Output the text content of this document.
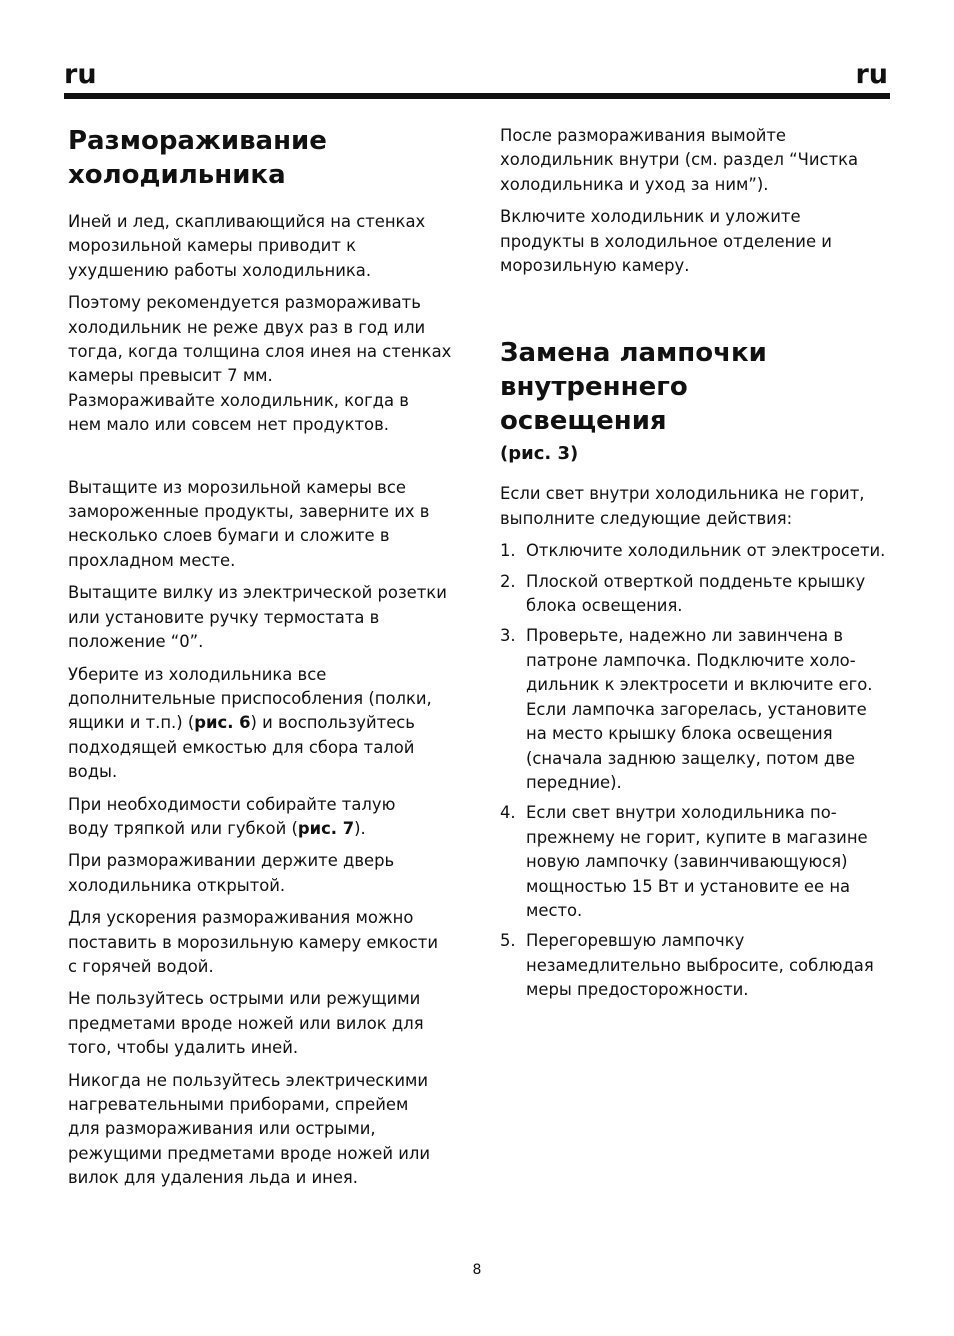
ru	ru
Размораживание
холодильника
Иней и лед, скапливающийся на стенках
морозильной камеры приводит к
ухудшению работы холодильника.
Поэтому рекомендуется размораживать
холодильник не реже двух раз в год или
тогда, когда толщина слоя инея на стенках
камеры превысит 7 мм.
Размораживайте холодильник, когда в
нем мало или совсем нет продуктов.
Вытащите из морозильной камеры все
замороженные продукты, заверните их в
несколько слоев бумаги и сложите в
прохладном месте.
Вытащите вилку из электрической розетки
или установите ручку термостата в
положение “0”.
Уберите из холодильника все
дополнительные приспособления (полки,
ящики и т.п.) (рис. 6) и воспользуйтесь
подходящей емкостью для сбора талой
воды.
При необходимости собирайте талую
воду тряпкой или губкой (рис. 7).
При размораживании держите дверь
холодильника открытой.
Для ускорения размораживания можно
поставить в морозильную камеру емкости
с горячей водой.
Не пользуйтесь острыми или режущими
предметами вроде ножей или вилок для
того, чтобы удалить иней.
Никогда не пользуйтесь электрическими
нагревательными приборами, спрейем
для размораживания или острыми,
режущими предметами вроде ножей или
вилок для удаления льда и инея.
После размораживания вымойте
холодильник внутри (см. раздел “Чистка
холодильника и уход за ним”).
Включите холодильник и уложите
продукты в холодильное отделение и
морозильную камеру.
Замена лампочки
внутреннего
освещения
(рис. 3)
Если свет внутри холодильника не горит,
выполните следующие действия:
1. Отключите холодильник от электросети.
2. Плоской отверткой подденьте крышку
блока освещения.
3. Проверьте, надежно ли завинчена в
патроне лампочка. Подключите холо-
дильник к электросети и включите его.
Если лампочка загорелась, установите
на место крышку блока освещения
(сначала заднюю защелку, потом две
передние).
4. Если свет внутри холодильника по-
прежнему не горит, купите в магазине
новую лампочку (завинчивающуюся)
мощностью 15 Вт и установите ее на
место.
5. Перегоревшую лампочку
незамедлительно выбросите, соблюдая
меры предосторожности.
8
